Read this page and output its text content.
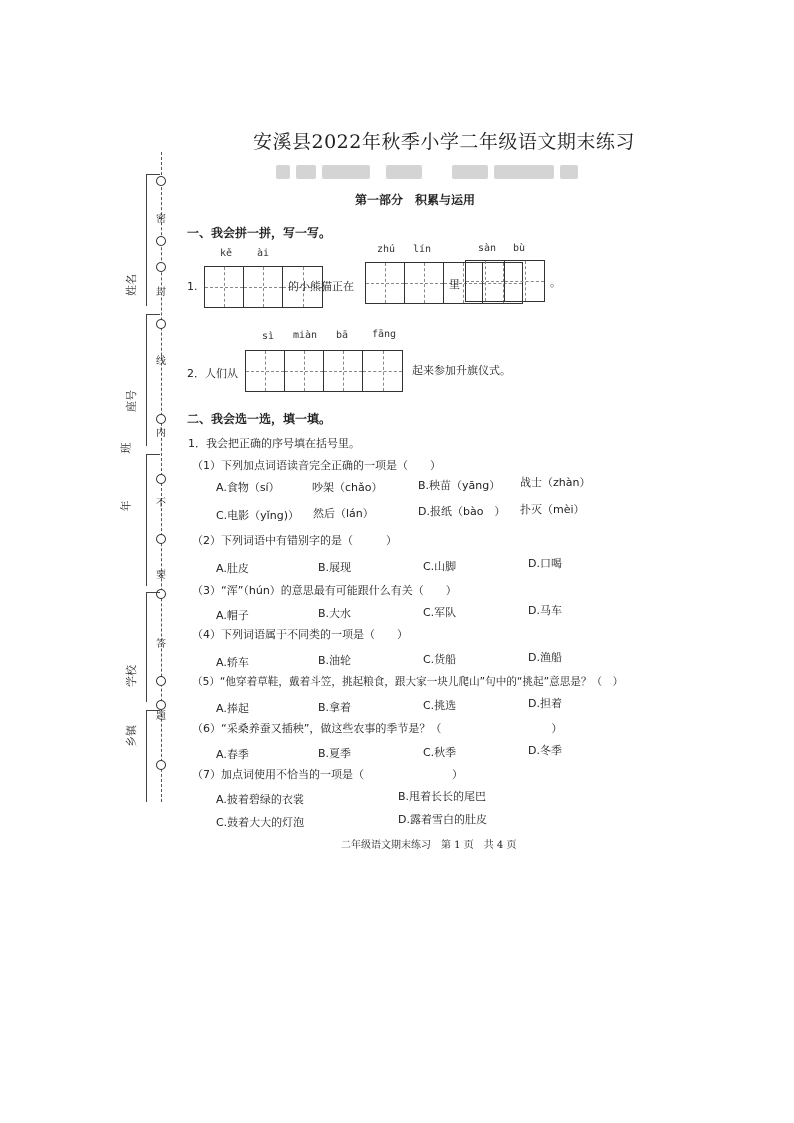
安溪县2022年秋季小学二年级语文期末练习
第一部分　积累与运用
密
封
线
内
不
要
答
题
姓名
座号
班
年
学校
乡镇
一、我会拼一拼，写一写。
kě ài	zhú lín	sàn bù
1.	的小熊猫正在	里	。
sì miàn bā fāng
2．人们从	起来参加升旗仪式。
二、我会选一选，填一填。
1．我会把正确的序号填在括号里。
（1）下列加点词语读音完全正确的一项是（　　）
A.食物（sí）	吵架（chǎo）	B.秧苗（yāng） 战士（zhàn）
C.电影（yǐng)） 然后（lán）	D.报纸（bào　） 扑灭（mèi）
（2）下列词语中有错别字的是（　　　）
A.肚皮	B.展现	C.山脚	D.口喝
（3）“浑”（hún）的意思最有可能跟什么有关（　　）
A.帽子	B.大水	C.军队	D.马车
（4）下列词语属于不同类的一项是（　　）
A.轿车	B.油轮	C.货船	D.渔船
（5）“他穿着草鞋，戴着斗笠，挑起粮食，跟大家一块儿爬山”句中的“挑起”意思是？（　）
A.捧起	B.拿着	C.挑选	D.担着
（6）“采桑养蚕又插秧”，做这些农事的季节是？（　　　　　　　　　　）
A.春季	B.夏季	C.秋季	D.冬季
（7）加点词使用不恰当的一项是（　　　　　　　　）
A.披着碧绿的衣裳	B.甩着长长的尾巴
C.鼓着大大的灯泡	D.露着雪白的肚皮
二年级语文期末练习　第 1 页　共 4 页
